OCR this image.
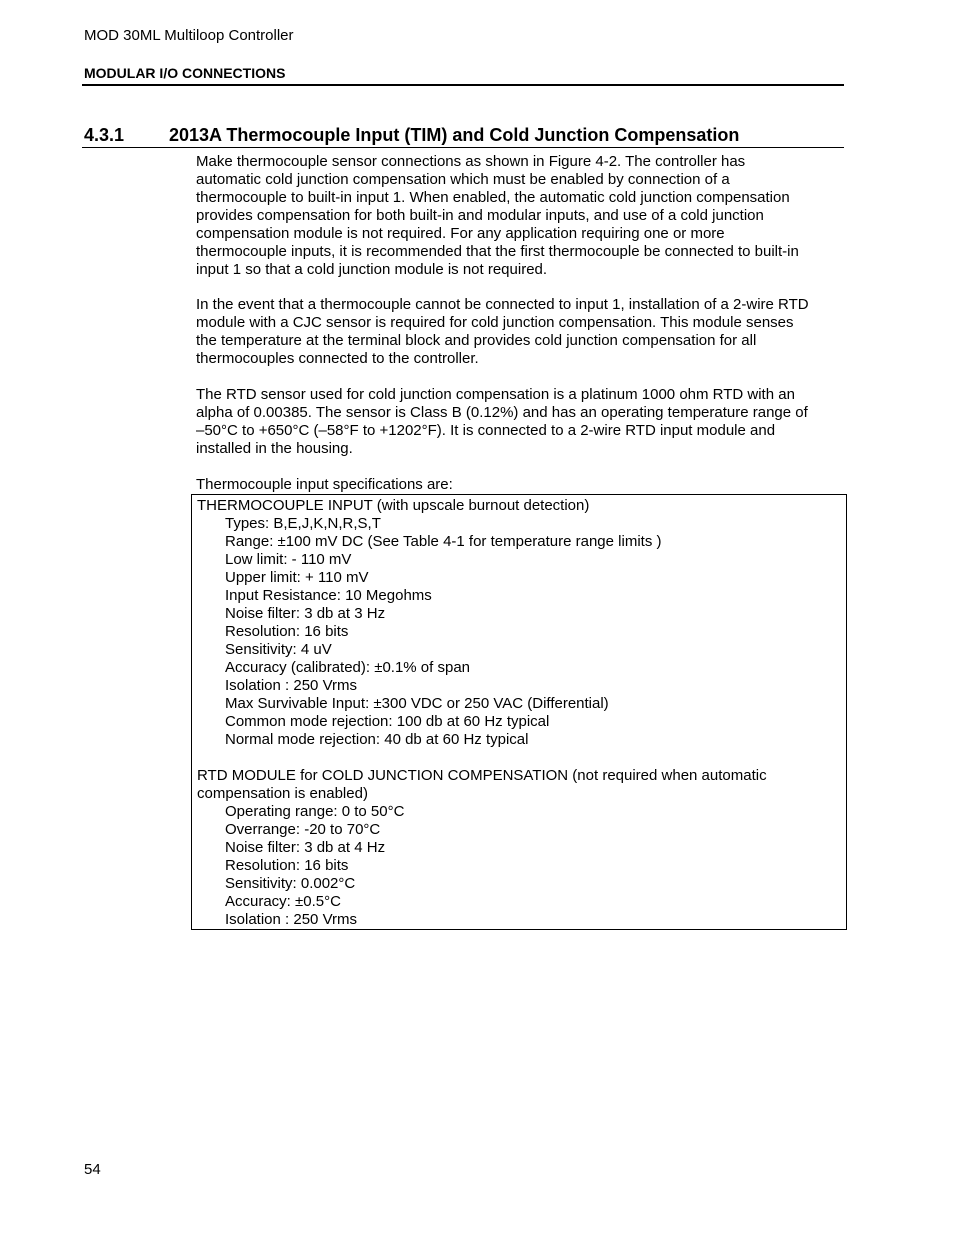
MOD 30ML Multiloop Controller
MODULAR I/O CONNECTIONS
4.3.1 2013A Thermocouple Input (TIM) and Cold Junction Compensation

Make thermocouple sensor connections as shown in Figure 4-2. The controller has
automatic cold junction compensation which must be enabled by connection of a
thermocouple to built-in input 1. When enabled, the automatic cold junction compensation
provides compensation for both built-in and modular inputs, and use of a cold junction
compensation module is not required. For any application requiring one or more
thermocouple inputs, it is recommended that the first thermocouple be connected to built-in
input 1 so that a cold junction module is not required.

In the event that a thermocouple cannot be connected to input 1, installation of a 2-wire RTD
module with a CJC sensor is required for cold junction compensation. This module senses
the temperature at the terminal block and provides cold junction compensation for all
thermocouples connected to the controller.

The RTD sensor used for cold junction compensation is a platinum 1000 ohm RTD with an
alpha of 0.00385. The sensor is Class B (0.12%) and has an operating temperature range of
–50°C to +650°C (–58°F to +1202°F). It is connected to a 2-wire RTD input module and
installed in the housing.

Thermocouple input specifications are:

THERMOCOUPLE INPUT (with upscale burnout detection)

Types: B,E,J,K,N,R,S,T

Range: ±100 mV DC (See Table 4-1 for temperature range limits )

Low limit: - 110 mV

Upper limit: + 110 mV

Input Resistance: 10 Megohms

Noise filter: 3 db at 3 Hz

Resolution: 16 bits

Sensitivity: 4 uV

Accuracy (calibrated): ±0.1% of span

Isolation : 250 Vrms

Max Survivable Input: ±300 VDC or 250 VAC (Differential)

Common mode rejection: 100 db at 60 Hz typical

Normal mode rejection: 40 db at 60 Hz typical

RTD MODULE for COLD JUNCTION COMPENSATION (not required when automatic
compensation is enabled)

Operating range: 0 to 50°C

Overrange: -20 to 70°C

Noise filter: 3 db at 4 Hz

Resolution: 16 bits

Sensitivity: 0.002°C

Accuracy: ±0.5°C

Isolation : 250 Vrms

54
